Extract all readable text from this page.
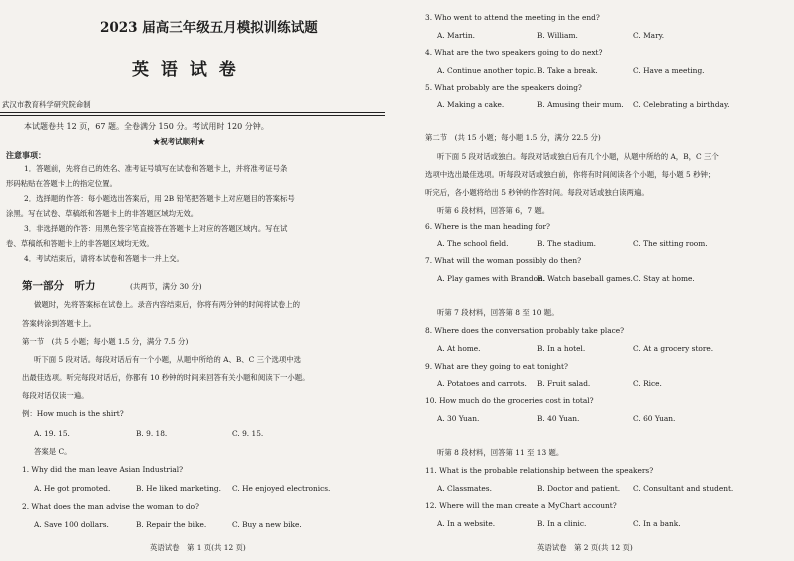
2023 届高三年级五月模拟训练试题
英 语 试 卷
武汉市教育科学研究院命制
本试题卷共 12 页，67 题。全卷满分 150 分。考试用时 120 分钟。
★祝考试顺利★
注意事项：
1．答题前，先将自己的姓名、准考证号填写在试卷和答题卡上，并将准考证号条
形码粘贴在答题卡上的指定位置。
2．选择题的作答：每小题选出答案后，用 2B 铅笔把答题卡上对应题目的答案标号
涂黑。写在试卷、草稿纸和答题卡上的非答题区域均无效。
3．非选择题的作答：用黑色签字笔直接答在答题卡上对应的答题区域内。写在试
卷、草稿纸和答题卡上的非答题区域均无效。
4．考试结束后，请将本试卷和答题卡一并上交。
第一部分　听力	(共两节，满分 30 分)
做题时，先将答案标在试卷上。录音内容结束后，你将有两分钟的时间将试卷上的
答案转涂到答题卡上。
第一节　(共 5 小题；每小题 1.5 分，满分 7.5 分)
听下面 5 段对话。每段对话后有一个小题，从题中所给的 A、B、C 三个选项中选
出最佳选项。听完每段对话后，你都有 10 秒钟的时间来回答有关小题和阅读下一小题。
每段对话仅读一遍。
例：How much is the shirt?
A. 19. 15.	B. 9. 18.	C. 9. 15.
答案是 C。
1. Why did the man leave Asian Industrial?
A. He got promoted.	B. He liked marketing. C. He enjoyed electronics.
2. What does the man advise the woman to do?
A. Save 100 dollars.	B. Repair the bike.	C. Buy a new bike.
英语试卷　第 1 页(共 12 页)
3. Who went to attend the meeting in the end?
A. Martin.	B. William.	C. Mary.
4. What are the two speakers going to do next?
A. Continue another topic. B. Take a break.	C. Have a meeting.
5. What probably are the speakers doing?
A. Making a cake.	B. Amusing their mum. C. Celebrating a birthday.
第二节　(共 15 小题；每小题 1.5 分，满分 22.5 分)
听下面 5 段对话或独白。每段对话或独白后有几个小题，从题中所给的 A，B，C 三个
选项中选出最佳选项。听每段对话或独白前，你将有时间阅读各个小题，每小题 5 秒钟；
听完后，各小题将给出 5 秒钟的作答时间。每段对话或独白读两遍。
听第 6 段材料，回答第 6，7 题。
6. Where is the man heading for?
A. The school field.	B. The stadium.	C. The sitting room.
7. What will the woman possibly do then?
A. Play games with Brandon.
B. Watch baseball games. C. Stay at home.
听第 7 段材料，回答第 8 至 10 题。
8. Where does the conversation probably take place?
A. At home.	B. In a hotel.	C. At a grocery store.
9. What are they going to eat tonight?
A. Potatoes and carrots. B. Fruit salad.	C. Rice.
10. How much do the groceries cost in total?
A. 30 Yuan.	B. 40 Yuan.	C. 60 Yuan.
听第 8 段材料，回答第 11 至 13 题。
11. What is the probable relationship between the speakers?
A. Classmates.	B. Doctor and patient. C. Consultant and student.
12. Where will the man create a MyChart account?
A. In a website.	B. In a clinic.	C. In a bank.
英语试卷　第 2 页(共 12 页)
